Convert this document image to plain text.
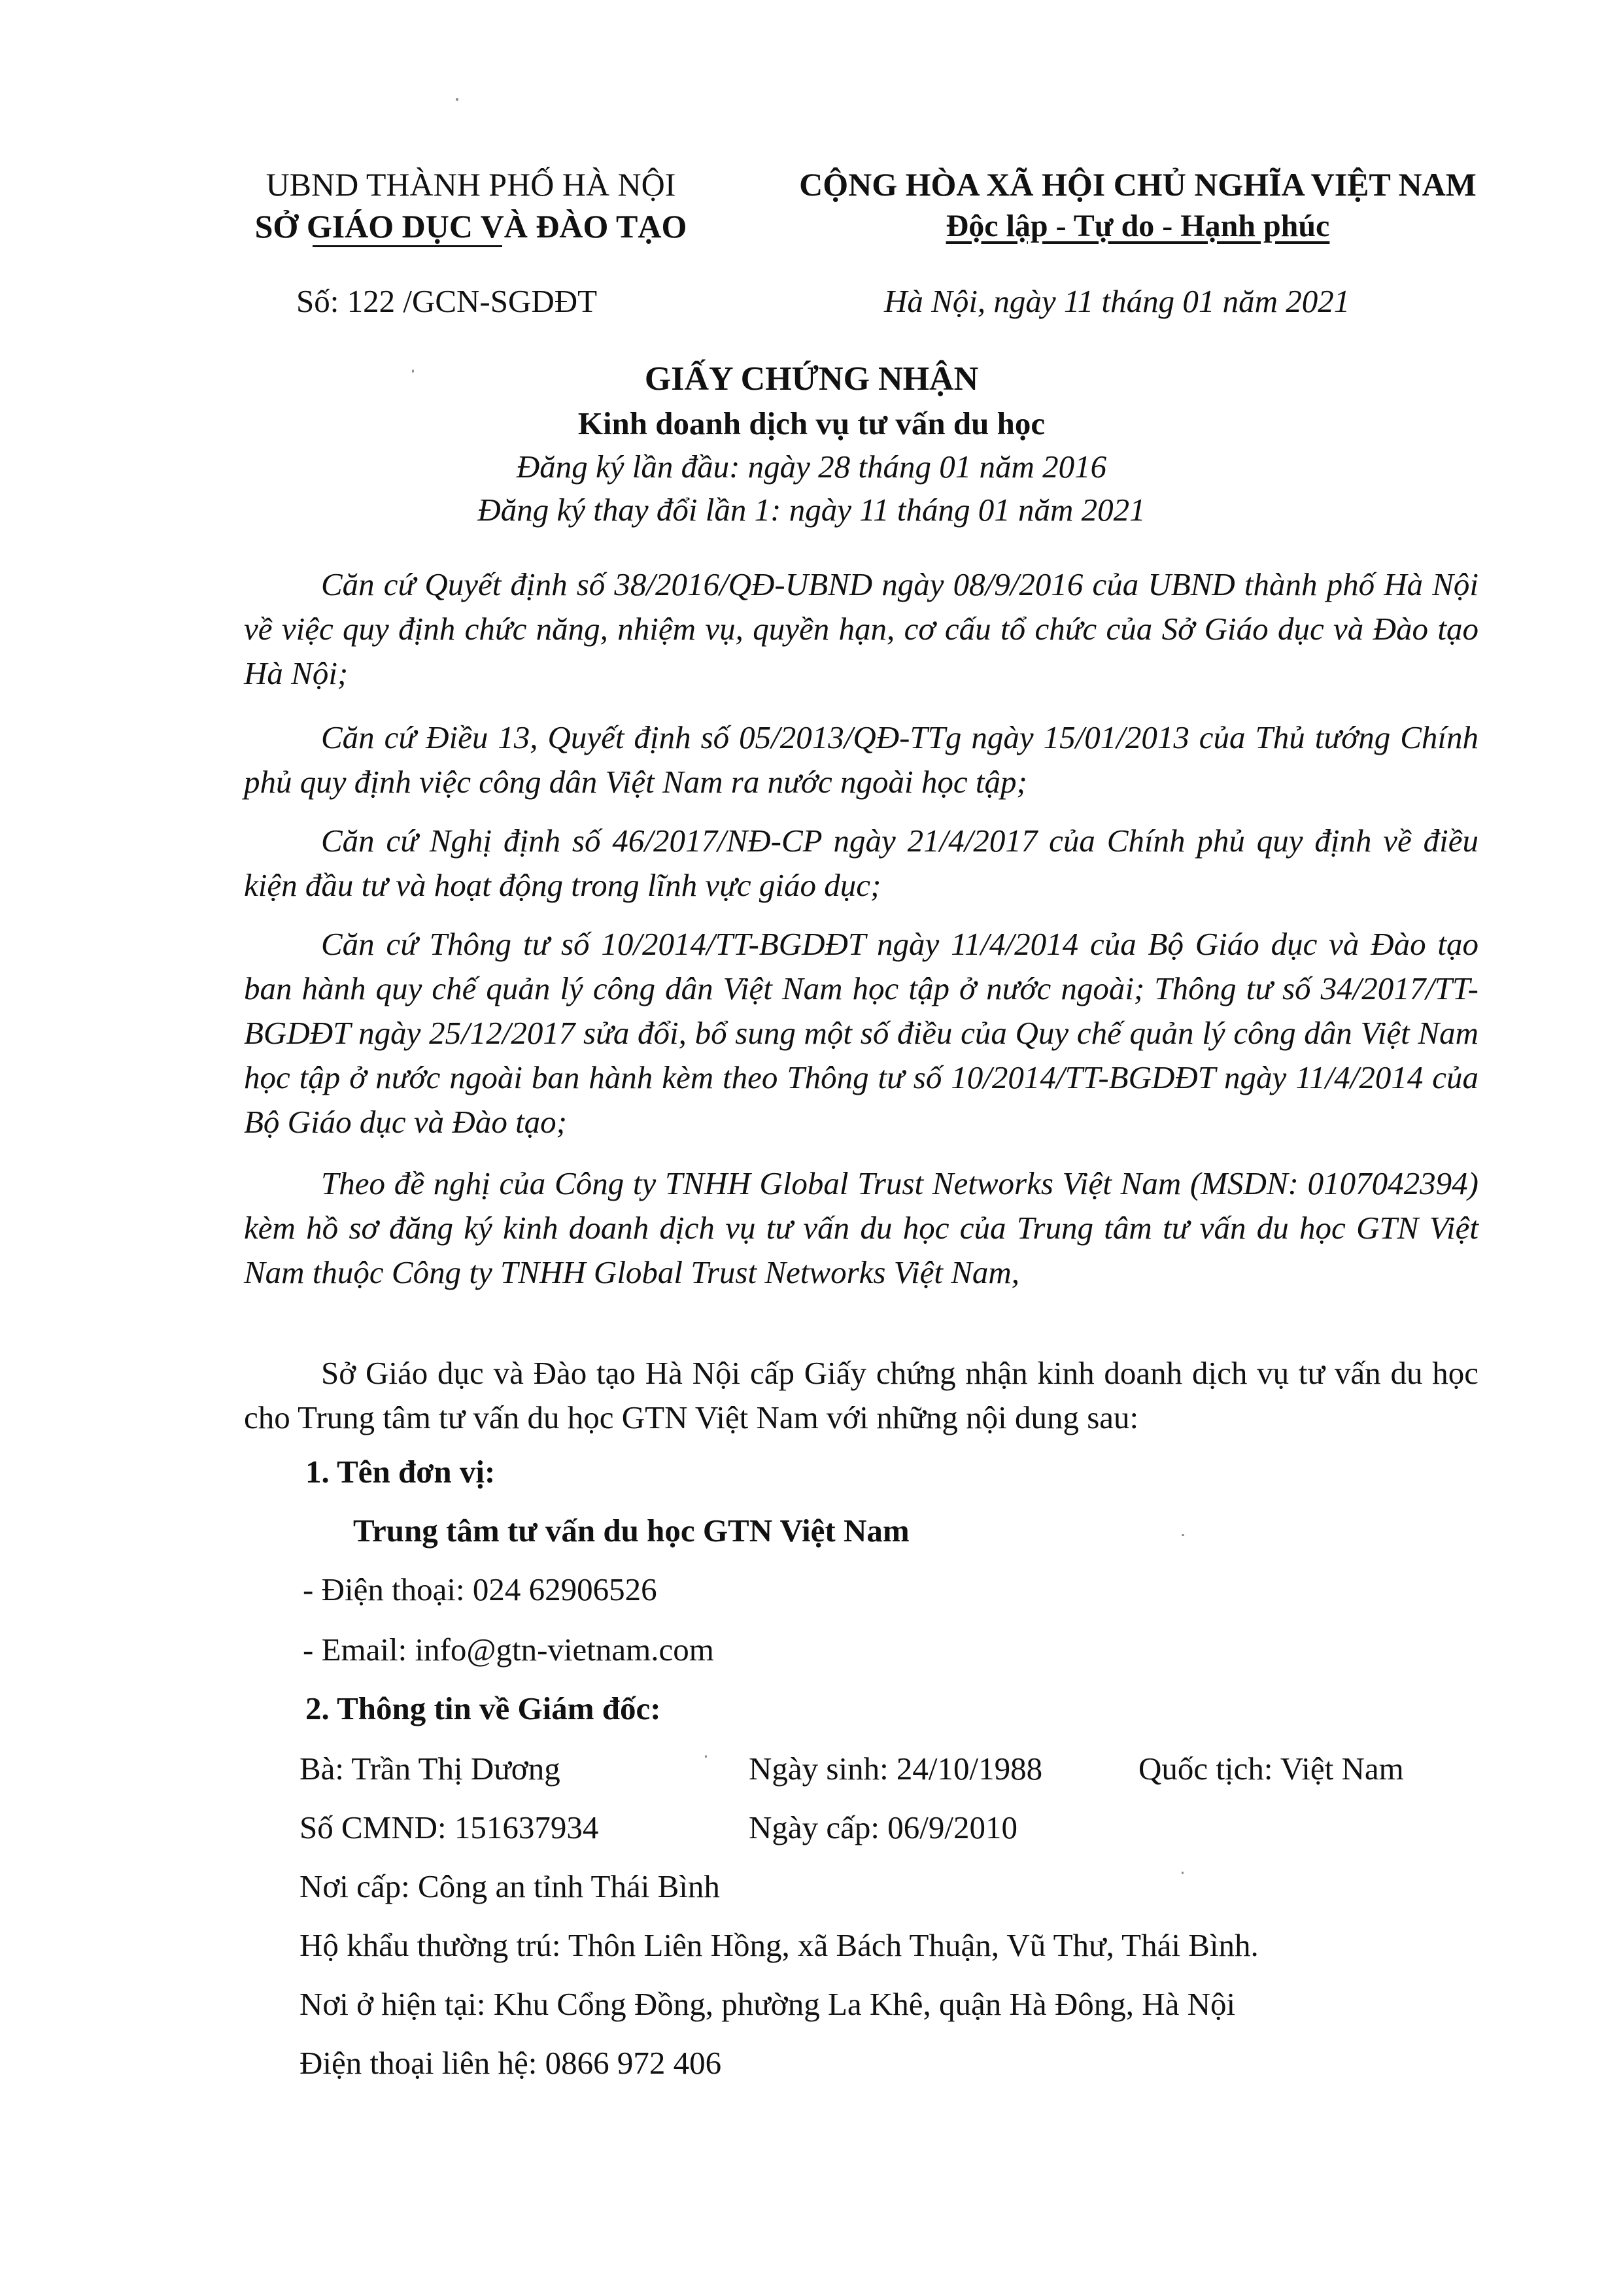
UBND THÀNH PHỐ HÀ NỘI
SỞ GIÁO DỤC VÀ ĐÀO TẠO
CỘNG HÒA XÃ HỘI CHỦ NGHĨA VIỆT NAM
Độc lập - Tự do - Hạnh phúc
Số: 122 /GCN-SGDĐT	Hà Nội, ngày 11 tháng 01 năm 2021
GIẤY CHỨNG NHẬN
Kinh doanh dịch vụ tư vấn du học
Đăng ký lần đầu: ngày 28 tháng 01 năm 2016
Đăng ký thay đổi lần 1: ngày 11 tháng 01 năm 2021
Căn cứ Quyết định số 38/2016/QĐ-UBND ngày 08/9/2016 của UBND thành phố Hà Nội về việc quy định chức năng, nhiệm vụ, quyền hạn, cơ cấu tổ chức của Sở Giáo dục và Đào tạo Hà Nội;
Căn cứ Điều 13, Quyết định số 05/2013/QĐ-TTg ngày 15/01/2013 của Thủ tướng Chính phủ quy định việc công dân Việt Nam ra nước ngoài học tập;
Căn cứ Nghị định số 46/2017/NĐ-CP ngày 21/4/2017 của Chính phủ quy định về điều kiện đầu tư và hoạt động trong lĩnh vực giáo dục;
Căn cứ Thông tư số 10/2014/TT-BGDĐT ngày 11/4/2014 của Bộ Giáo dục và Đào tạo ban hành quy chế quản lý công dân Việt Nam học tập ở nước ngoài; Thông tư số 34/2017/TT-BGDĐT ngày 25/12/2017 sửa đổi, bổ sung một số điều của Quy chế quản lý công dân Việt Nam học tập ở nước ngoài ban hành kèm theo Thông tư số 10/2014/TT-BGDĐT ngày 11/4/2014 của Bộ Giáo dục và Đào tạo;
Theo đề nghị của Công ty TNHH Global Trust Networks Việt Nam (MSDN: 0107042394) kèm hồ sơ đăng ký kinh doanh dịch vụ tư vấn du học của Trung tâm tư vấn du học GTN Việt Nam thuộc Công ty TNHH Global Trust Networks Việt Nam,
Sở Giáo dục và Đào tạo Hà Nội cấp Giấy chứng nhận kinh doanh dịch vụ tư vấn du học cho Trung tâm tư vấn du học GTN Việt Nam với những nội dung sau:
1. Tên đơn vị:
Trung tâm tư vấn du học GTN Việt Nam
- Điện thoại: 024 62906526
- Email: info@gtn-vietnam.com
2. Thông tin về Giám đốc:
Bà: Trần Thị Dương	Ngày sinh: 24/10/1988	Quốc tịch: Việt Nam
Số CMND: 151637934	Ngày cấp: 06/9/2010
Nơi cấp: Công an tỉnh Thái Bình
Hộ khẩu thường trú: Thôn Liên Hồng, xã Bách Thuận, Vũ Thư, Thái Bình.
Nơi ở hiện tại: Khu Cổng Đồng, phường La Khê, quận Hà Đông, Hà Nội
Điện thoại liên hệ: 0866 972 406
